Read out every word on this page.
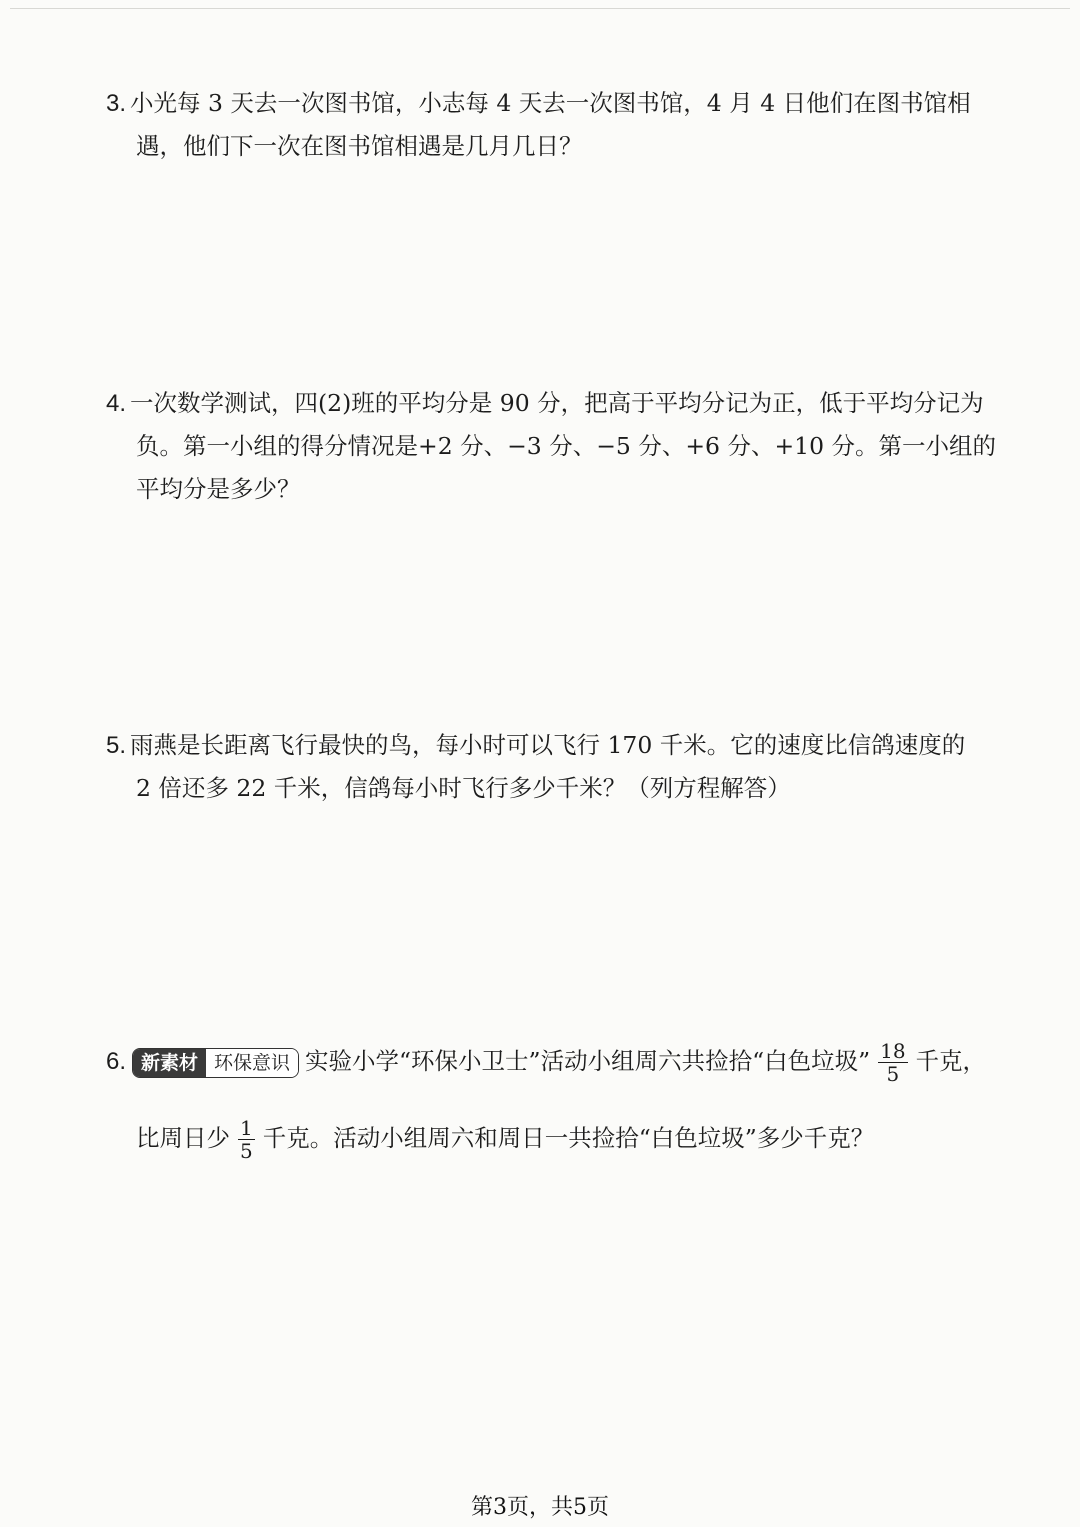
3. 小光每 3 天去一次图书馆，小志每 4 天去一次图书馆，4 月 4 日他们在图书馆相
遇，他们下一次在图书馆相遇是几月几日？
4. 一次数学测试，四(2)班的平均分是 90 分，把高于平均分记为正，低于平均分记为
负。第一小组的得分情况是+2 分、−3 分、−5 分、+6 分、+10 分。第一小组的
平均分是多少？
5. 雨燕是长距离飞行最快的鸟，每小时可以飞行 170 千米。它的速度比信鸽速度的
2 倍还多 22 千米，信鸽每小时飞行多少千米？（列方程解答）
6. 新素材 环保意识 实验小学“环保小卫士”活动小组周六共捡拾“白色垃圾” $\frac{18}{5}$ 千克，
比周日少 $\frac{1}{5}$ 千克。活动小组周六和周日一共捡拾“白色垃圾”多少千克？
第3页，共5页
